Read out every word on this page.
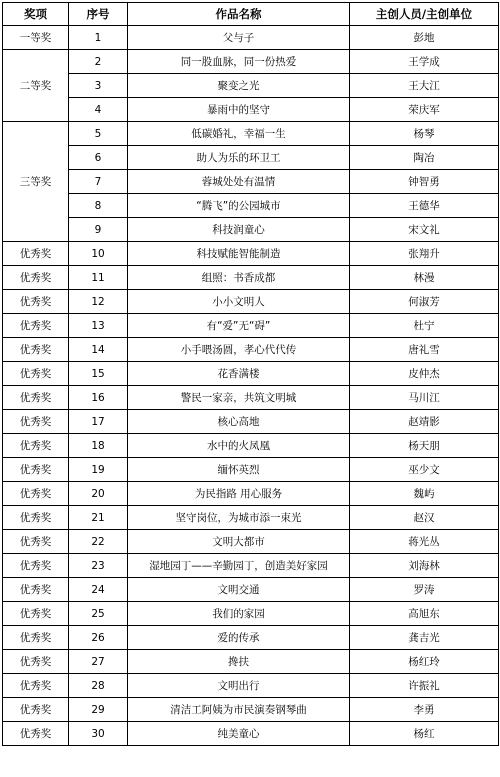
奖项	序号	作品名称	主创人员/主创单位
一等奖	1	父与子	彭地
二等奖	2	同一股血脉，同一份热爱	王学成
	3	聚变之光	王大江
	4	暴雨中的坚守	荣庆军
三等奖	5	低碳婚礼，幸福一生	杨琴
	6	助人为乐的环卫工	陶冶
	7	蓉城处处有温情	钟智勇
	8	“腾飞”的公园城市	王德华
	9	科技润童心	宋文礼
优秀奖	10	科技赋能智能制造	张翔升
优秀奖	11	组照：书香成都	林漫
优秀奖	12	小小文明人	何淑芳
优秀奖	13	有“爱”无“碍”	杜宁
优秀奖	14	小手喂汤圆，孝心代代传	唐礼雪
优秀奖	15	花香满楼	皮仲杰
优秀奖	16	警民一家亲，共筑文明城	马川江
优秀奖	17	核心高地	赵靖影
优秀奖	18	水中的火凤凰	杨天朋
优秀奖	19	缅怀英烈	巫少文
优秀奖	20	为民指路 用心服务	魏屿
优秀奖	21	坚守岗位，为城市添一束光	赵汉
优秀奖	22	文明大都市	蒋光丛
优秀奖	23	湿地园丁——辛勤园丁，创造美好家园	刘海林
优秀奖	24	文明交通	罗涛
优秀奖	25	我们的家园	高旭东
优秀奖	26	爱的传承	龚吉光
优秀奖	27	搀扶	杨红玲
优秀奖	28	文明出行	许振礼
优秀奖	29	清洁工阿姨为市民演奏钢琴曲	李勇
优秀奖	30	纯美童心	杨红
